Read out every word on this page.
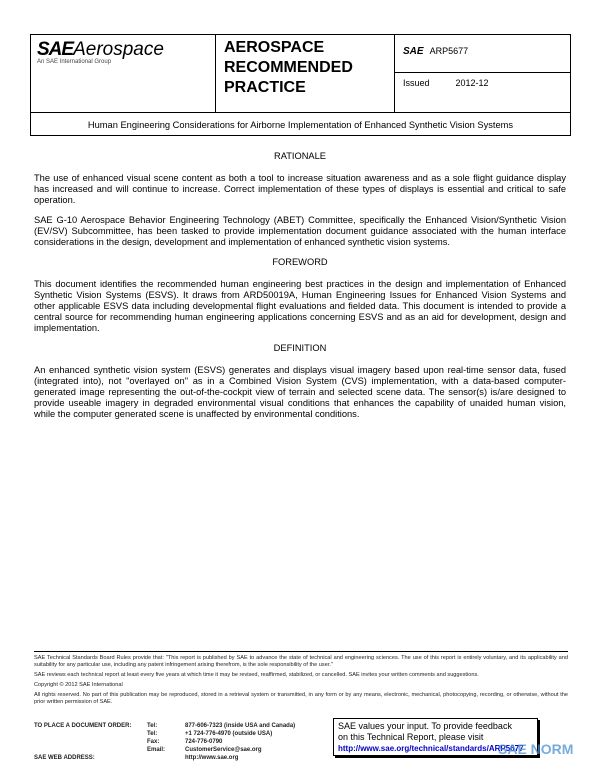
SAEAerospace
An SAE International Group
AEROSPACE
RECOMMENDED
PRACTICE
SAE ARP5677
Issued	2012-12
Human Engineering Considerations for Airborne Implementation of Enhanced Synthetic Vision Systems
RATIONALE

The use of enhanced visual scene content as both a tool to increase situation awareness and as a sole flight guidance display has increased and will continue to increase. Correct implementation of these types of displays is essential and critical to safe operation.

SAE G-10 Aerospace Behavior Engineering Technology (ABET) Committee, specifically the Enhanced Vision/Synthetic Vision (EV/SV) Subcommittee, has been tasked to provide implementation document guidance associated with the human interface considerations in the design, development and implementation of enhanced synthetic vision systems.

FOREWORD

This document identifies the recommended human engineering best practices in the design and implementation of Enhanced Synthetic Vision Systems (ESVS). It draws from ARD50019A, Human Engineering Issues for Enhanced Vision Systems and other applicable ESVS data including developmental flight evaluations and fielded data. This document is intended to provide a central source for recommending human engineering applications concerning ESVS and as an aid for development, design and implementation.

DEFINITION

An enhanced synthetic vision system (ESVS) generates and displays visual imagery based upon real-time sensor data, fused (integrated into), not "overlayed on" as in a Combined Vision System (CVS) implementation, with a data-based computer-generated image representing the out-of-the-cockpit view of terrain and selected scene data. The sensor(s) is/are designed to provide useable imagery in degraded environmental visual conditions that enhances the capability of unaided human vision, while the computer generated scene is unaffected by environmental conditions.

SAE Technical Standards Board Rules provide that: "This report is published by SAE to advance the state of technical and engineering sciences. The use of this report is entirely voluntary, and its applicability and suitability for any particular use, including any patent infringement arising therefrom, is the sole responsibility of the user."

SAE reviews each technical report at least every five years at which time it may be revised, reaffirmed, stabilized, or cancelled. SAE invites your written comments and suggestions.

Copyright © 2012 SAE International

All rights reserved. No part of this publication may be reproduced, stored in a retrieval system or transmitted, in any form or by any means, electronic, mechanical, photocopying, recording, or otherwise, without the prior written permission of SAE.

TO PLACE A DOCUMENT ORDER:	Tel:	877-606-7323 (inside USA and Canada)
Tel:	+1 724-776-4970 (outside USA)
Fax:	724-776-0790
Email:	CustomerService@sae.org
SAE WEB ADDRESS:	http://www.sae.org
SAE values your input. To provide feedback
on this Technical Report, please visit
http://www.sae.org/technical/standards/ARP5677
SAE NORM
